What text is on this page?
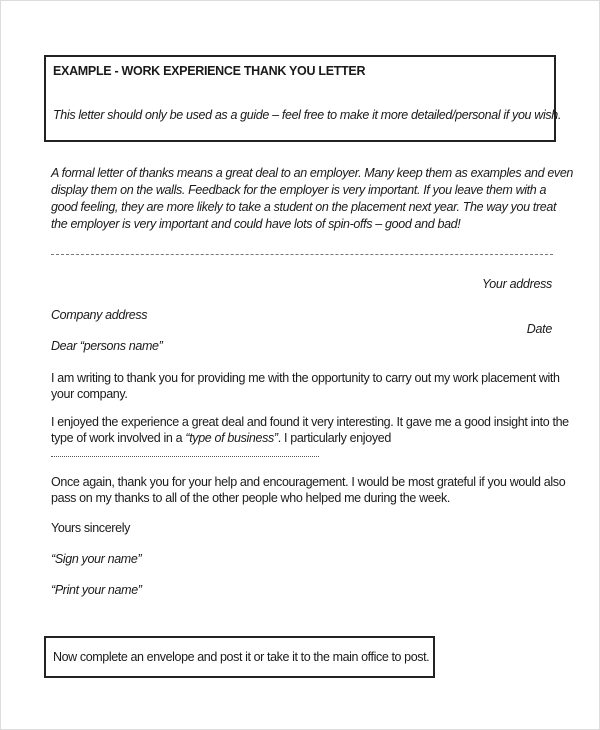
EXAMPLE - WORK EXPERIENCE THANK YOU LETTER
This letter should only be used as a guide – feel free to make it more detailed/personal if you wish.
A formal letter of thanks means a great deal to an employer. Many keep them as examples and even
display them on the walls. Feedback for the employer is very important. If you leave them with a
good feeling, they are more likely to take a student on the placement next year. The way you treat
the employer is very important and could have lots of spin-offs – good and bad!
Your address
Company address
Date
Dear “persons name”
I am writing to thank you for providing me with the opportunity to carry out my work placement with
your company.
I enjoyed the experience a great deal and found it very interesting. It gave me a good insight into the
type of work involved in a “type of business”. I particularly enjoyed
Once again, thank you for your help and encouragement. I would be most grateful if you would also
pass on my thanks to all of the other people who helped me during the week.
Yours sincerely
“Sign your name”
“Print your name”
Now complete an envelope and post it or take it to the main office to post.
